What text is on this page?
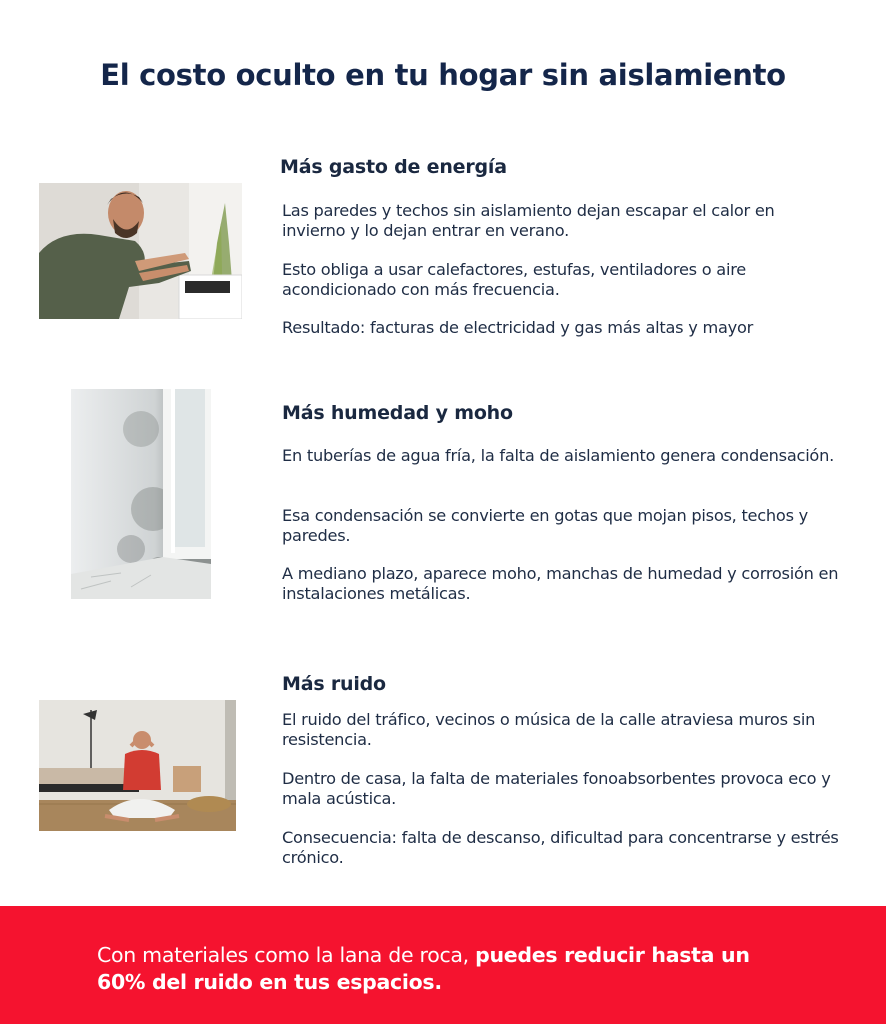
El costo oculto en tu hogar sin aislamiento
Más gasto de energía

Las paredes y techos sin aislamiento dejan escapar el calor en invierno y lo dejan entrar en verano.

Esto obliga a usar calefactores, estufas, ventiladores o aire acondicionado con más frecuencia.

Resultado: facturas de electricidad y gas más altas y mayor

Más humedad y moho

En tuberías de agua fría, la falta de aislamiento genera condensación.

Esa condensación se convierte en gotas que mojan pisos, techos y paredes.

A mediano plazo, aparece moho, manchas de humedad y corrosión en instalaciones metálicas.

Más ruido

El ruido del tráfico, vecinos o música de la calle atraviesa muros sin resistencia.

Dentro de casa, la falta de materiales fonoabsorbentes provoca eco y mala acústica.

Consecuencia: falta de descanso, dificultad para concentrarse y estrés crónico.

Con materiales como la lana de roca, puedes reducir hasta un 60% del ruido en tus espacios.
